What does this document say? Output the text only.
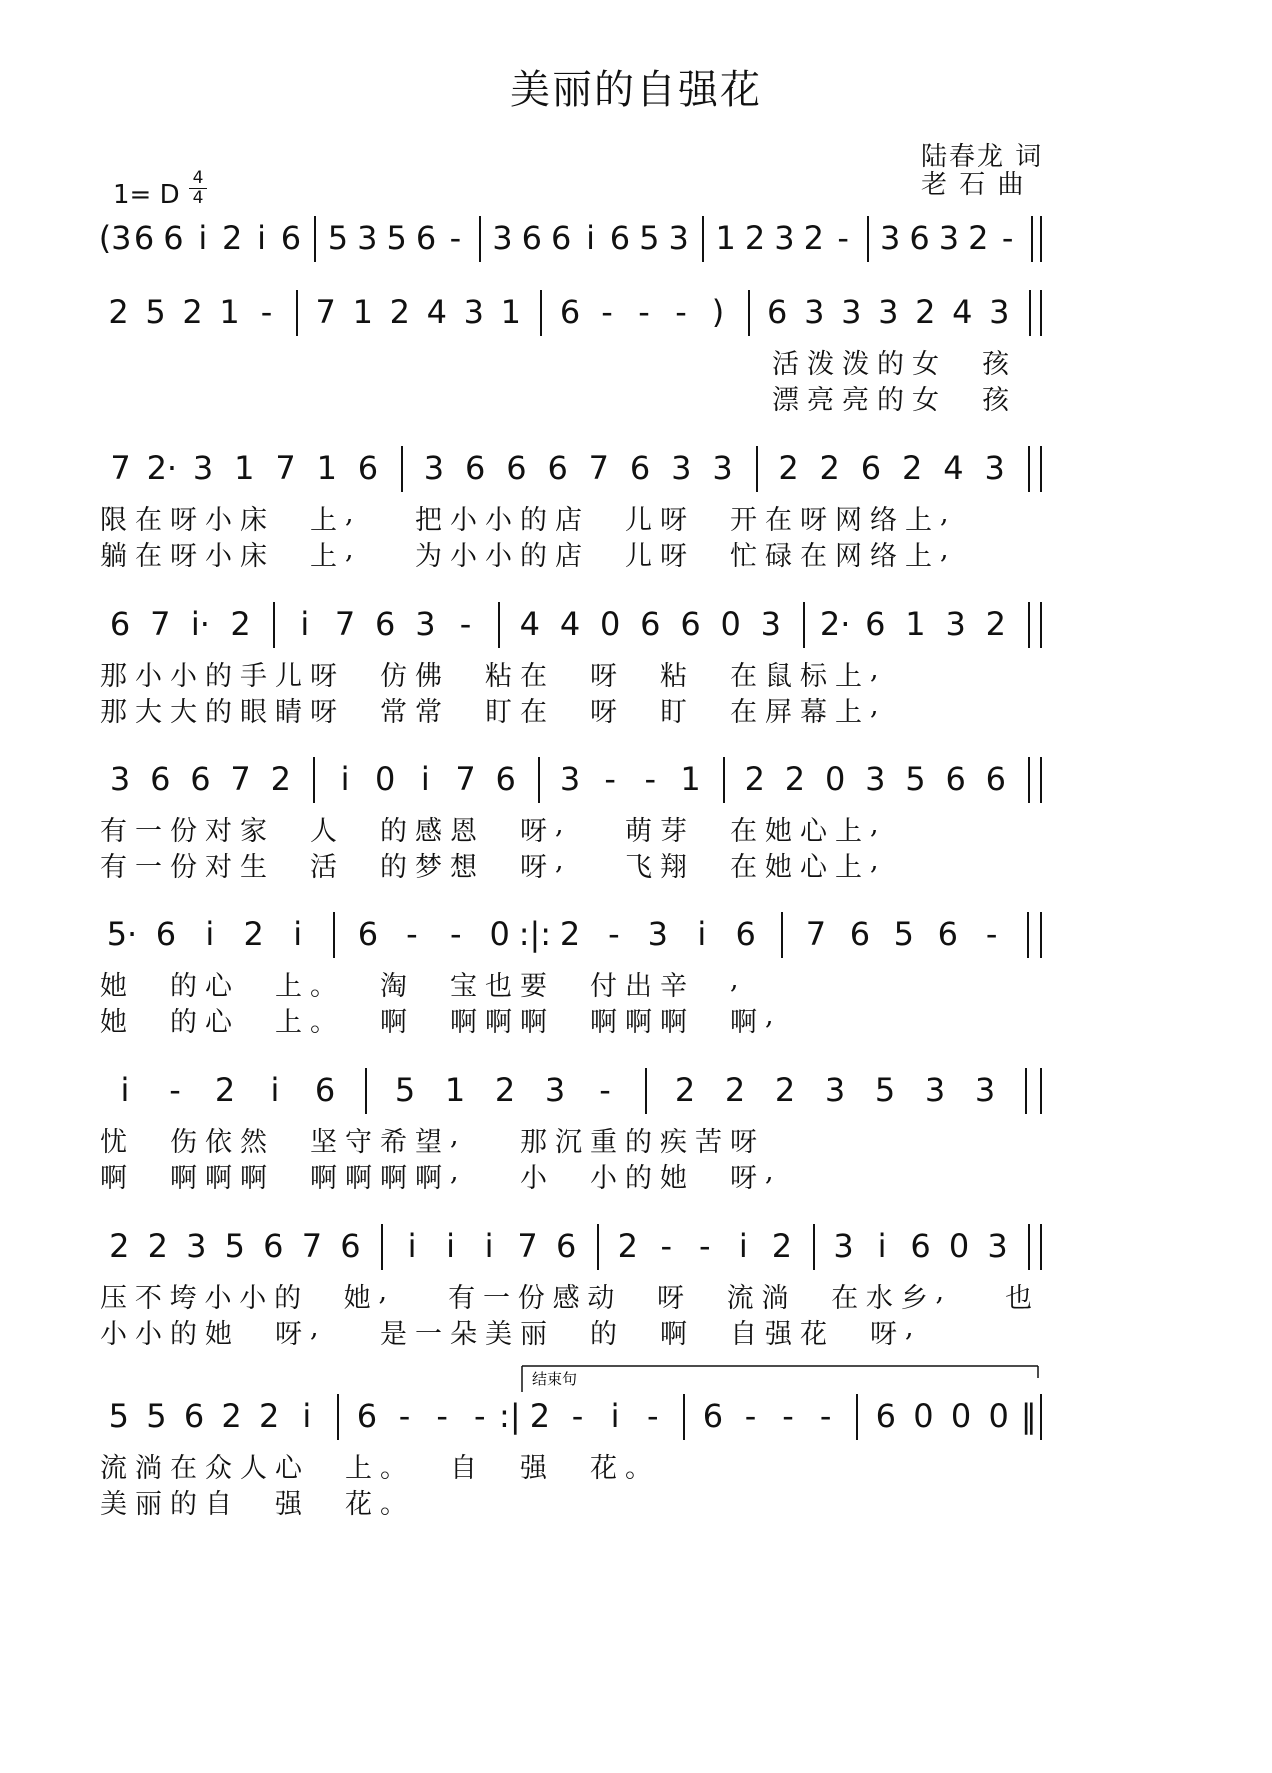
美丽的自强花
陆春龙 词
老 石 曲
1= D
4
4
(3 6 6 i 2 i 6 5 3 5 6 - 3 6 6 i 6 5 3 1 2 3 2 - 3 6 3 2 -
2 5 2 1 - 7 1 2 4 3 1 6 - - - ) 6 3 3 3 2 4 3
活 泼 泼 的 女 孩
漂 亮 亮 的 女 孩
7 2· 3 1 7 1 6 3 6 6 6 7 6 3 3 2 2 6 2 4 3
限 在 呀 小 床 上 , 把 小 小 的 店 儿 呀 开 在 呀 网 络 上 ,
躺 在 呀 小 床 上 , 为 小 小 的 店 儿 呀 忙 碌 在 网 络 上 ,
6 7 i· 2 i 7 6 3 - 4 4 0 6 6 0 3 2· 6 1 3 2
那 小 小 的 手 儿 呀 仿 佛 粘 在 呀 粘 在 鼠 标 上 ,
那 大 大 的 眼 睛 呀 常 常 盯 在 呀 盯 在 屏 幕 上 ,
3 6 6 7 2 i 0 i 7 6 3 - - 1 2 2 0 3 5 6 6
有 一 份 对 家 人 的 感 恩 呀 , 萌 芽 在 她 心 上 ,
有 一 份 对 生 活 的 梦 想 呀 , 飞 翔 在 她 心 上 ,
5· 6 i 2 i 6 - - 0 :|: 2 - 3 i 6 7 6 5 6 -
她 的 心 上 。 淘 宝 也 要 付 出 辛 ,
她 的 心 上 。 啊 啊 啊 啊 啊 啊 啊 啊 ,
i - 2 i 6 5 1 2 3 - 2 2 2 3 5 3 3
忧 伤 依 然 坚 守 希 望 , 那 沉 重 的 疾 苦 呀
啊 啊 啊 啊 啊 啊 啊 啊 , 小 小 的 她 呀 ,
2 2 3 5 6 7 6 i i i 7 6 2 - - i 2 3 i 6 0 3
压 不 垮 小 小 的 她 , 有 一 份 感 动 呀 流 淌 在 水 乡 , 也
小 小 的 她 呀 , 是 一 朵 美 丽 的 啊 自 强 花 呀 ,
5 5 6 2 2 i 6 - - - :| 2 - i - 6 - - - 6 0 0 0 ‖
流 淌 在 众 人 心 上 。 自 强 花 。
美 丽 的 自 强 花 。
结束句
